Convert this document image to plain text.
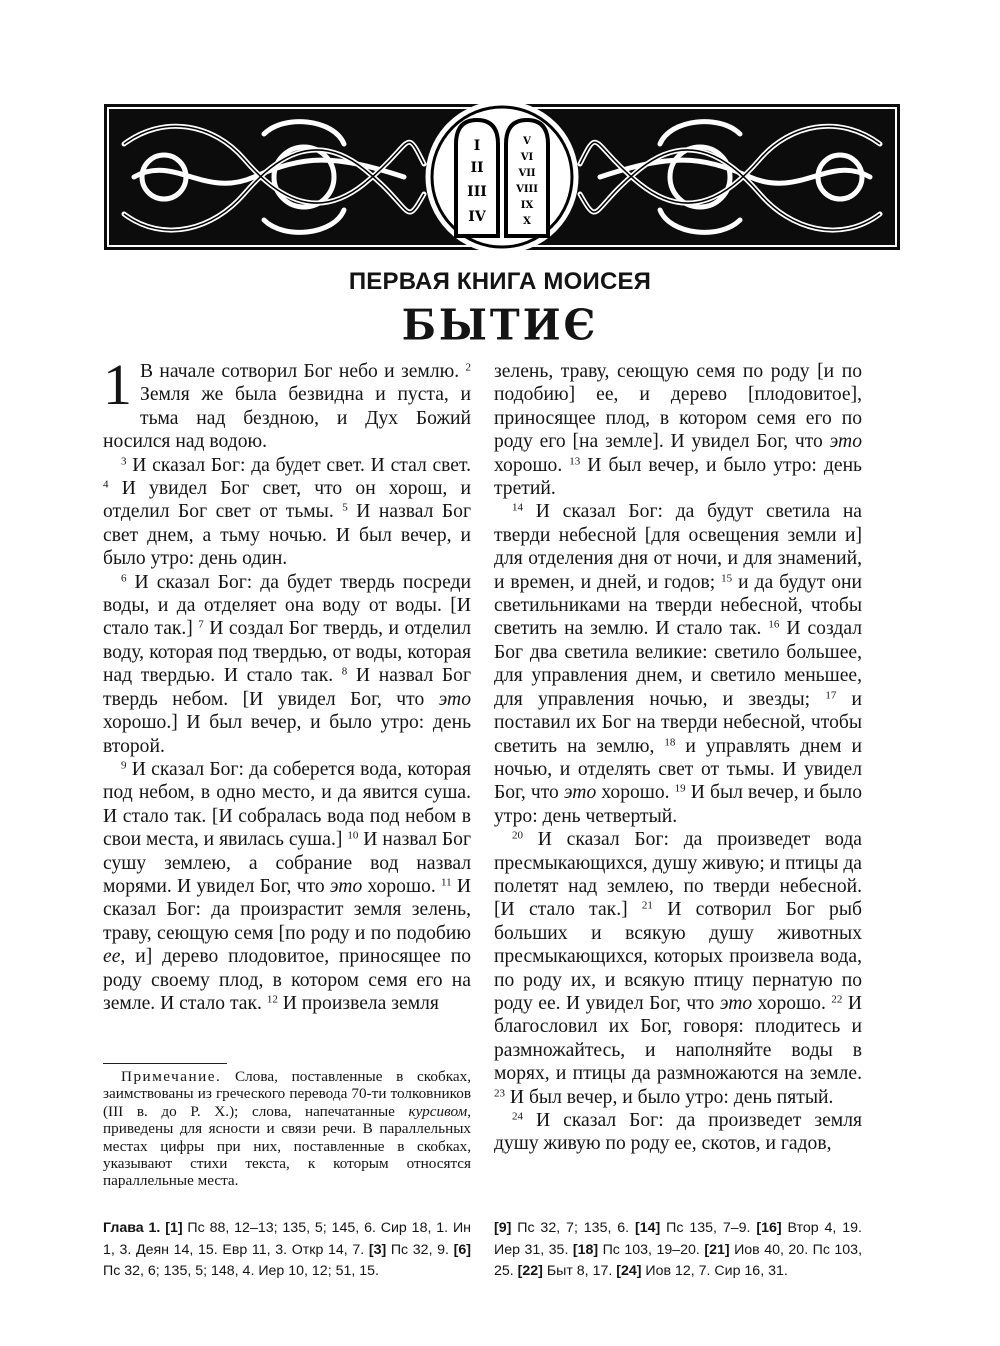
I
II
III
IV
V
VI
VII
VIII
IX
X
ПЕРВАЯ КНИГА МОИСЕЯ
БЫТИЄ
1 В начале сотворил Бог небо и землю. $^2$ Земля же была безвидна и пуста, и тьма над бездною, и Дух Божий носился над водою.

$^3$ И сказал Бог: да будет свет. И стал свет. $^4$ И увидел Бог свет, что он хорош, и отделил Бог свет от тьмы. $^5$ И назвал Бог свет днем, а тьму ночью. И был вечер, и было утро: день один.

$^6$ И сказал Бог: да будет твердь посреди воды, и да отделяет она воду от воды. [И стало так.] $^7$ И создал Бог твердь, и отделил воду, которая под твердью, от воды, которая над твердью. И стало так. $^8$ И назвал Бог твердь небом. [И увидел Бог, что это хорошо.] И был вечер, и было утро: день второй.

$^9$ И сказал Бог: да соберется вода, которая под небом, в одно место, и да явится суша. И стало так. [И собралась вода под небом в свои места, и явилась суша.] $^{10}$ И назвал Бог сушу землею, а собрание вод назвал морями. И увидел Бог, что это хорошо. $^{11}$ И сказал Бог: да произрастит земля зелень, траву, сеющую семя [по роду и по подобию ее, и] дерево плодовитое, приносящее по роду своему плод, в котором семя его на земле. И стало так. $^{12}$ И произвела земля

зелень, траву, сеющую семя по роду [и по подобию] ее, и дерево [плодовитое], приносящее плод, в котором семя его по роду его [на земле]. И увидел Бог, что это хорошо. $^{13}$ И был вечер, и было утро: день третий.

$^{14}$ И сказал Бог: да будут светила на тверди небесной [для освещения земли и] для отделения дня от ночи, и для знамений, и времен, и дней, и годов; $^{15}$ и да будут они светильниками на тверди небесной, чтобы светить на землю. И стало так. $^{16}$ И создал Бог два светила великие: светило большее, для управления днем, и светило меньшее, для управления ночью, и звезды; $^{17}$ и поставил их Бог на тверди небесной, чтобы светить на землю, $^{18}$ и управлять днем и ночью, и отделять свет от тьмы. И увидел Бог, что это хорошо. $^{19}$ И был вечер, и было утро: день четвертый.

$^{20}$ И сказал Бог: да произведет вода пресмыкающихся, душу живую; и птицы да полетят над землею, по тверди небесной. [И стало так.] $^{21}$ И сотворил Бог рыб больших и всякую душу животных пресмыкающихся, которых произвела вода, по роду их, и всякую птицу пернатую по роду ее. И увидел Бог, что это хорошо. $^{22}$ И благословил их Бог, говоря: плодитесь и размножайтесь, и наполняйте воды в морях, и птицы да размножаются на земле. $^{23}$ И был вечер, и было утро: день пятый.

$^{24}$ И сказал Бог: да произведет земля душу живую по роду ее, скотов, и гадов,

Примечание. Слова, поставленные в скобках, заимствованы из греческого перевода 70-ти толковников (III в. до Р. Х.); слова, напечатанные курсивом, приведены для ясности и связи речи. В параллельных местах цифры при них, поставленные в скобках, указывают стихи текста, к которым относятся параллельные места.
Глава 1. [1] Пс 88, 12–13; 135, 5; 145, 6. Сир 18, 1. Ин 1, 3. Деян 14, 15. Евр 11, 3. Откр 14, 7. [3] Пс 32, 9. [6] Пс 32, 6; 135, 5; 148, 4. Иер 10, 12; 51, 15.
[9] Пс 32, 7; 135, 6. [14] Пс 135, 7–9. [16] Втор 4, 19. Иер 31, 35. [18] Пс 103, 19–20. [21] Иов 40, 20. Пс 103, 25. [22] Быт 8, 17. [24] Иов 12, 7. Сир 16, 31.
